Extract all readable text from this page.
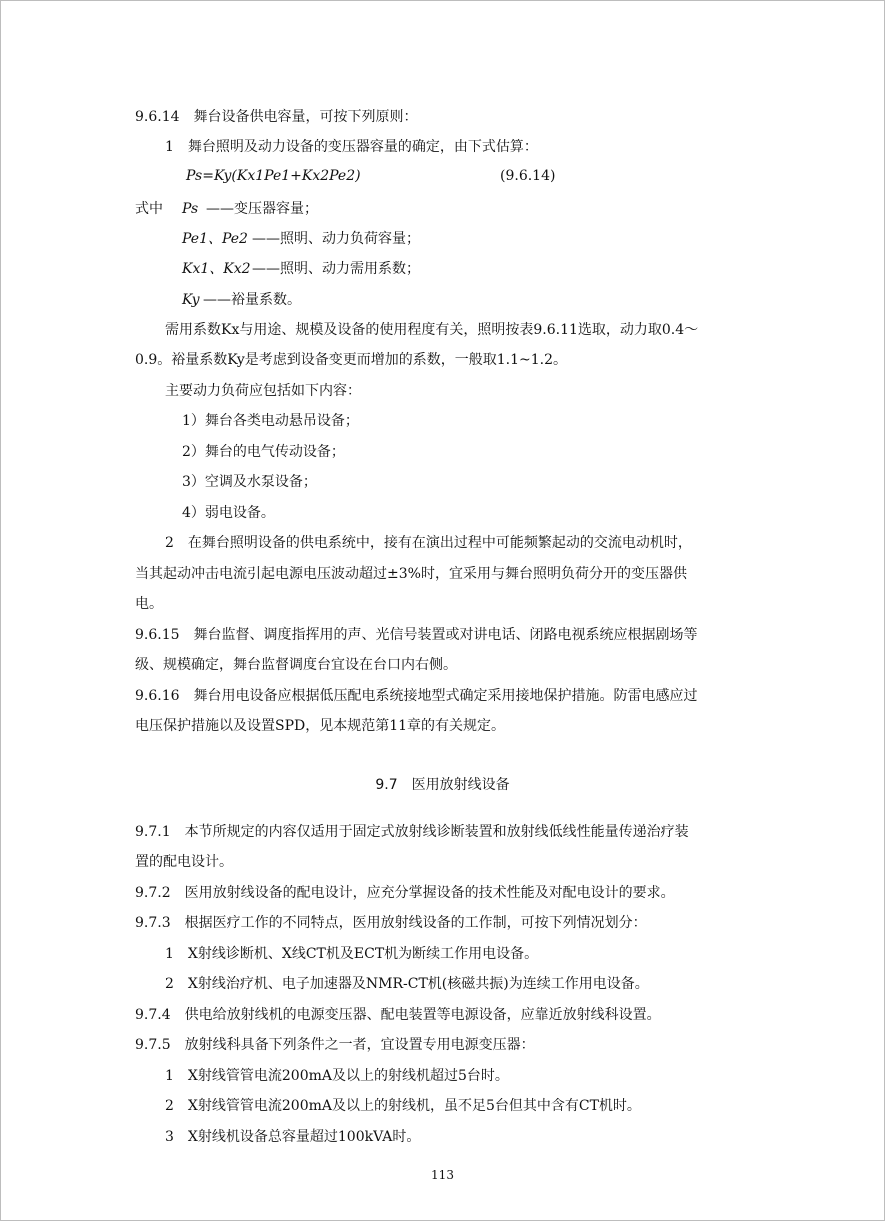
9.6.14　舞台设备供电容量，可按下列原则：
1　舞台照明及动力设备的变压器容量的确定，由下式估算：
Ps=Ky(Kx1Pe1+Kx2Pe2)	(9.6.14)
式中 Ps ——变压器容量；
Pe1、Pe2 ——照明、动力负荷容量；
Kx1、Kx2 ——照明、动力需用系数；
Ky ——裕量系数。
需用系数Kx与用途、规模及设备的使用程度有关，照明按表9.6.11选取，动力取0.4～
0.9。裕量系数Ky是考虑到设备变更而增加的系数，一般取1.1~1.2。
主要动力负荷应包括如下内容：
1）舞台各类电动悬吊设备；
2）舞台的电气传动设备；
3）空调及水泵设备；
4）弱电设备。
2　在舞台照明设备的供电系统中，接有在演出过程中可能频繁起动的交流电动机时，
当其起动冲击电流引起电源电压波动超过±3%时，宜采用与舞台照明负荷分开的变压器供
电。
9.6.15　舞台监督、调度指挥用的声、光信号装置或对讲电话、闭路电视系统应根据剧场等
级、规模确定，舞台监督调度台宜设在台口内右侧。
9.6.16　舞台用电设备应根据低压配电系统接地型式确定采用接地保护措施。防雷电感应过
电压保护措施以及设置SPD，见本规范第11章的有关规定。
9.7　医用放射线设备
9.7.1　本节所规定的内容仅适用于固定式放射线诊断装置和放射线低线性能量传递治疗装
置的配电设计。
9.7.2　医用放射线设备的配电设计，应充分掌握设备的技术性能及对配电设计的要求。
9.7.3　根据医疗工作的不同特点，医用放射线设备的工作制，可按下列情况划分：
1　X射线诊断机、X线CT机及ECT机为断续工作用电设备。
2　X射线治疗机、电子加速器及NMR-CT机(核磁共振)为连续工作用电设备。
9.7.4　供电给放射线机的电源变压器、配电装置等电源设备，应靠近放射线科设置。
9.7.5　放射线科具备下列条件之一者，宜设置专用电源变压器：
1　X射线管管电流200mA及以上的射线机超过5台时。
2　X射线管管电流200mA及以上的射线机，虽不足5台但其中含有CT机时。
3　X射线机设备总容量超过100kVA时。
113
